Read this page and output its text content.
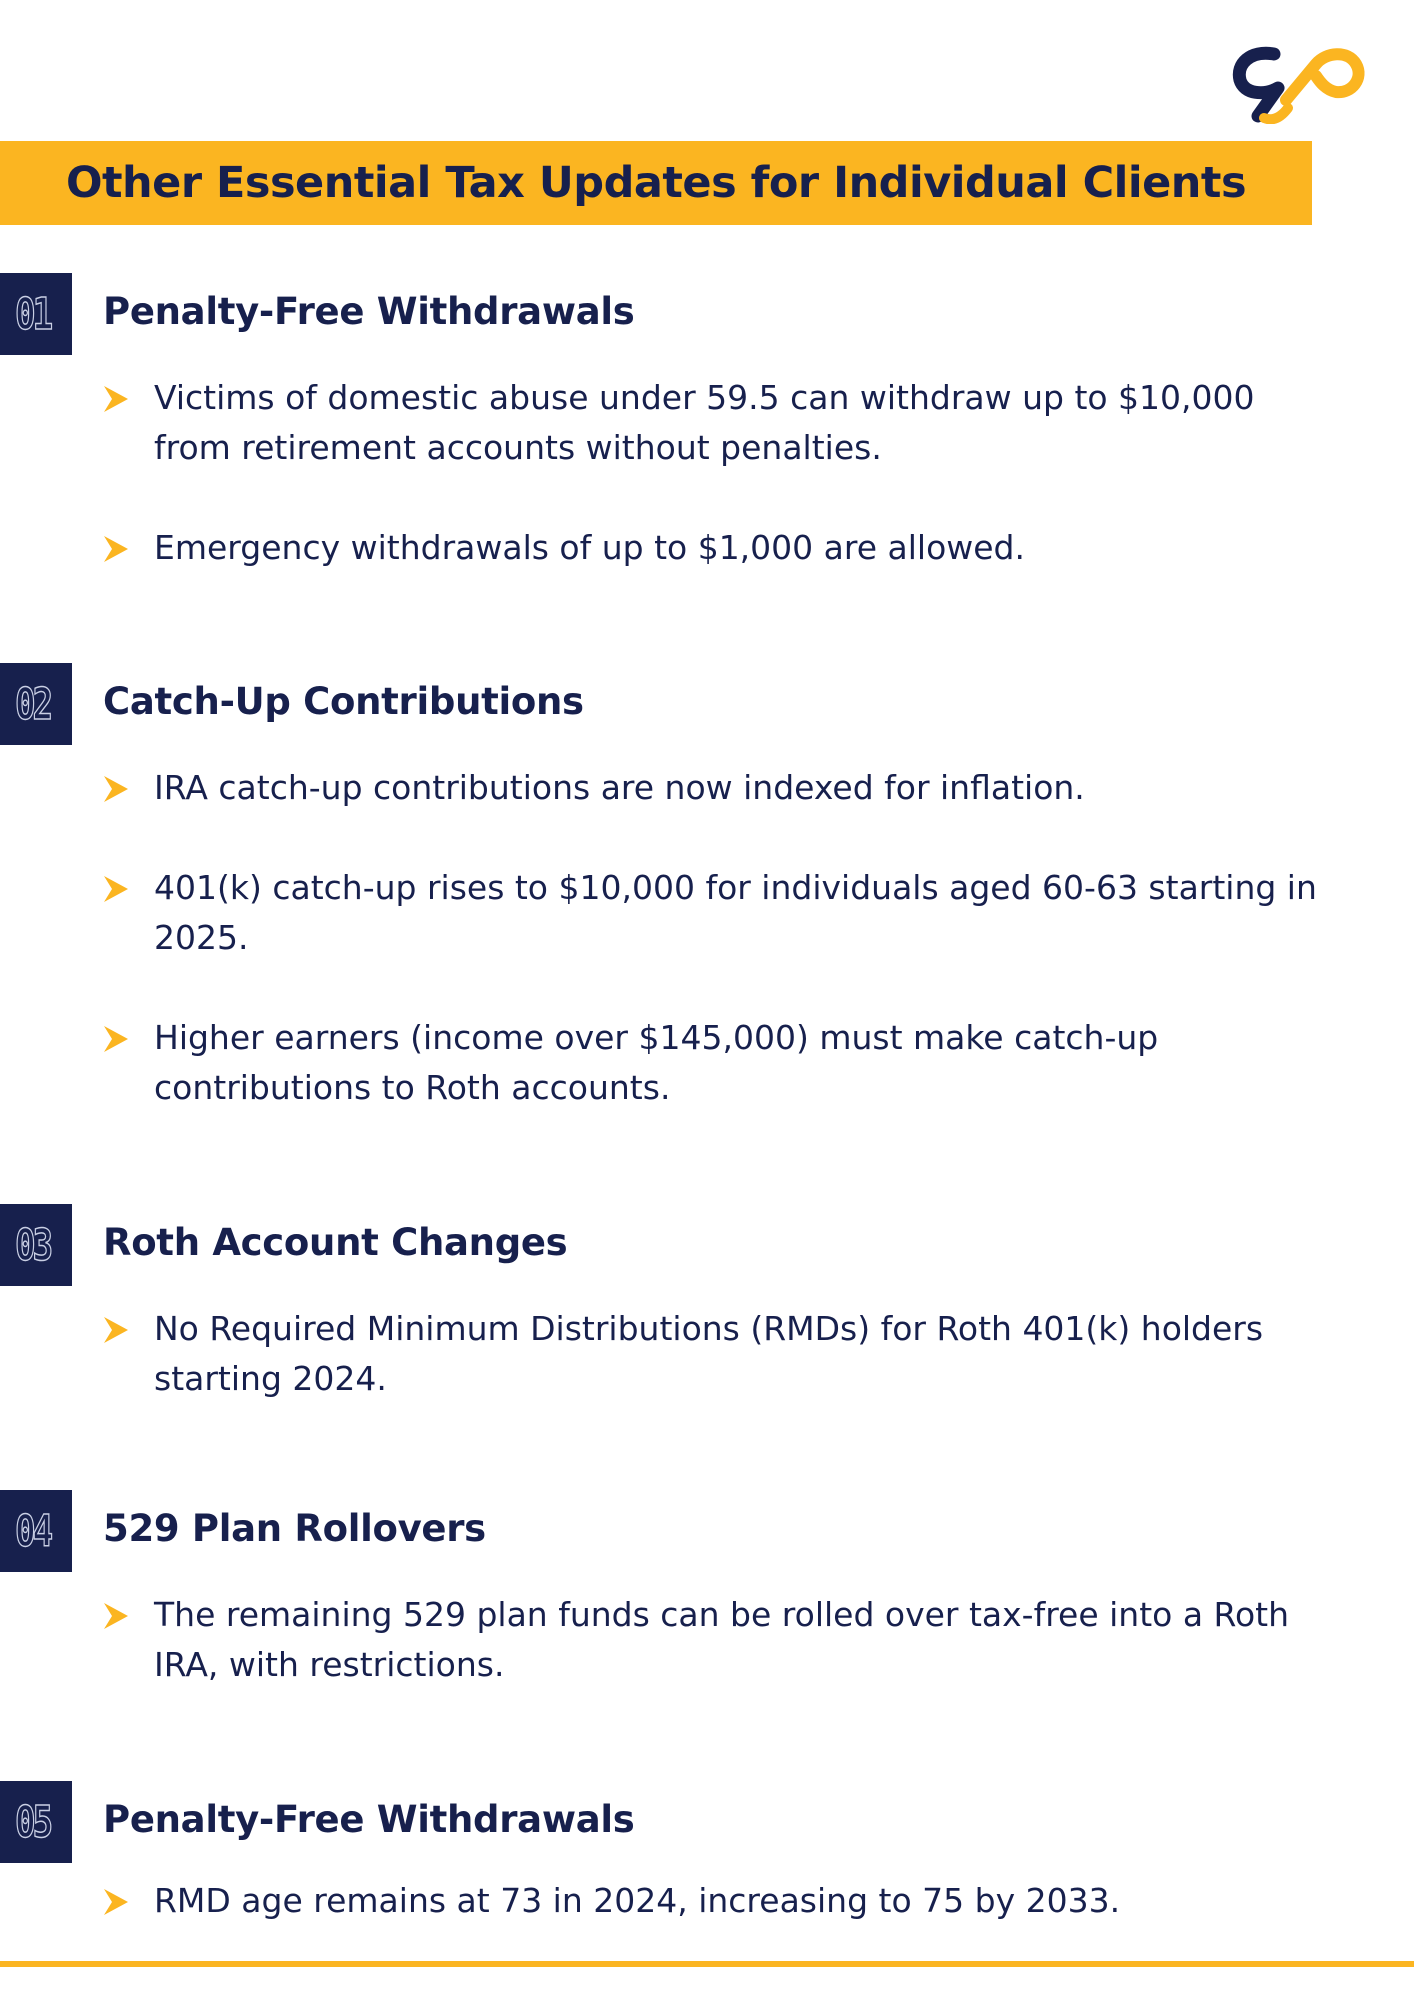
Other Essential Tax Updates for Individual Clients
01 Penalty-Free Withdrawals

Victims of domestic abuse under 59.5 can withdraw up to $10,000 from retirement accounts without penalties.

Emergency withdrawals of up to $1,000 are allowed.

02 Catch-Up Contributions

IRA catch-up contributions are now indexed for inflation.

401(k) catch-up rises to $10,000 for individuals aged 60-63 starting in 2025.

Higher earners (income over $145,000) must make catch-up contributions to Roth accounts.

03 Roth Account Changes

No Required Minimum Distributions (RMDs) for Roth 401(k) holders starting 2024.

04 529 Plan Rollovers

The remaining 529 plan funds can be rolled over tax-free into a Roth IRA, with restrictions.

05 Penalty-Free Withdrawals

RMD age remains at 73 in 2024, increasing to 75 by 2033.
